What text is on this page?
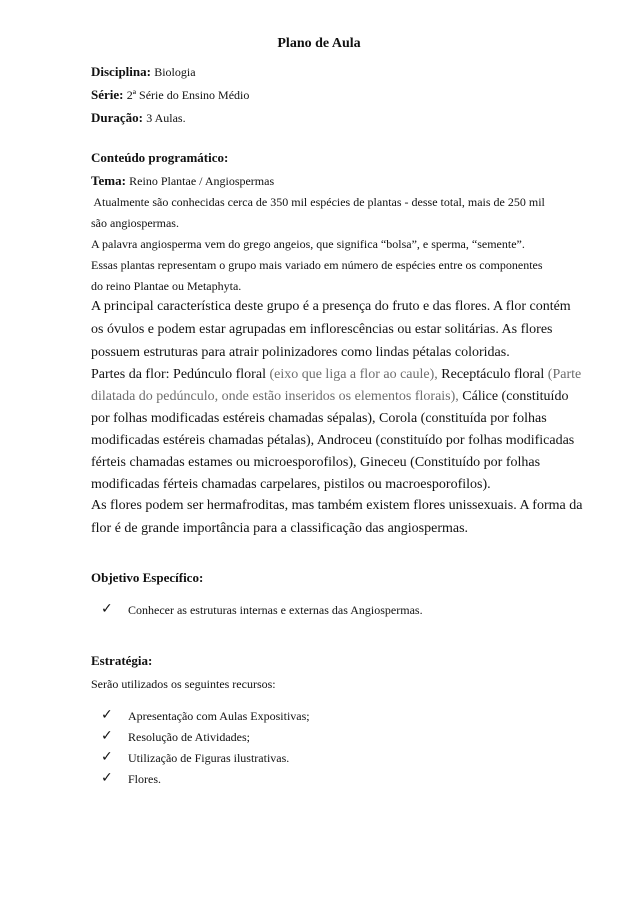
Plano de Aula
Disciplina: Biologia
Série: 2ª Série do Ensino Médio
Duração: 3 Aulas.
Conteúdo programático:
Tema: Reino Plantae / Angiospermas
Atualmente são conhecidas cerca de 350 mil espécies de plantas - desse total, mais de 250 mil
são angiospermas.
A palavra angiosperma vem do grego angeios, que significa “bolsa”, e sperma, “semente”.
Essas plantas representam o grupo mais variado em número de espécies entre os componentes
do reino Plantae ou Metaphyta.
A principal característica deste grupo é a presença do fruto e das flores. A flor contém
os óvulos e podem estar agrupadas em inflorescências ou estar solitárias. As flores
possuem estruturas para atrair polinizadores como lindas pétalas coloridas.
Partes da flor: Pedúnculo floral (eixo que liga a flor ao caule), Receptáculo floral (Parte
dilatada do pedúnculo, onde estão inseridos os elementos florais), Cálice (constituído
por folhas modificadas estéreis chamadas sépalas), Corola (constituída por folhas
modificadas estéreis chamadas pétalas), Androceu (constituído por folhas modificadas
férteis chamadas estames ou microesporofilos), Gineceu (Constituído por folhas
modificadas férteis chamadas carpelares, pistilos ou macroesporofilos).
As flores podem ser hermafroditas, mas também existem flores unissexuais. A forma da
flor é de grande importância para a classificação das angiospermas.
Objetivo Específico:
✓ Conhecer as estruturas internas e externas das Angiospermas.
Estratégia:
Serão utilizados os seguintes recursos:
✓ Apresentação com Aulas Expositivas;
✓ Resolução de Atividades;
✓ Utilização de Figuras ilustrativas.
✓ Flores.
